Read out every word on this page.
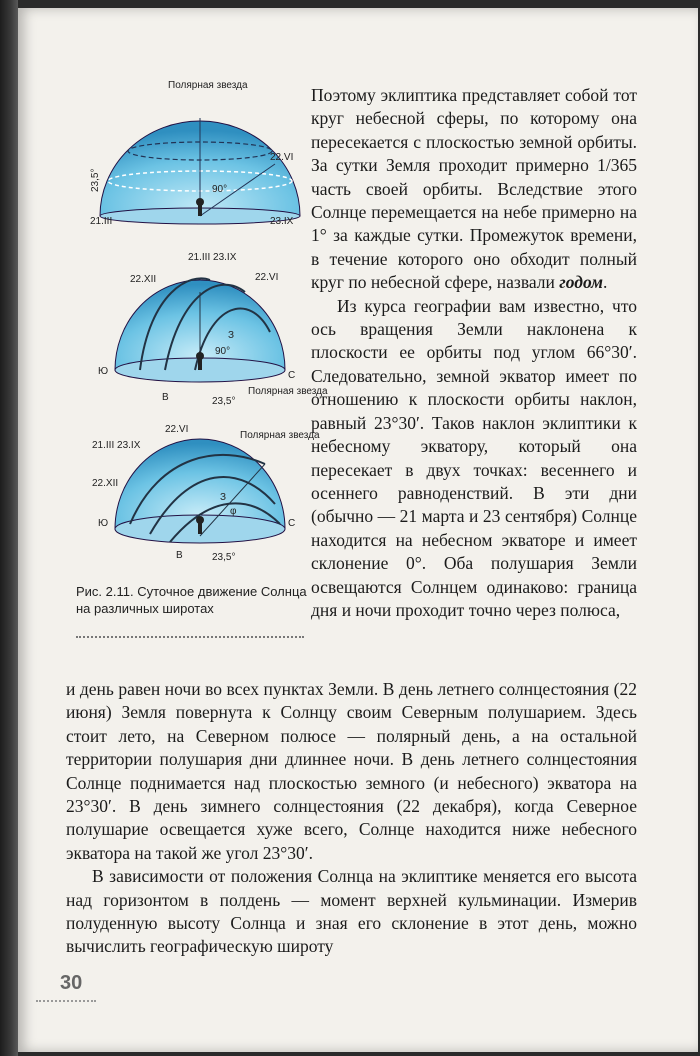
Полярная звезда
22.VI
23,5°	90°
21.III	23.IX
21.III 23.IX
22.XII	22.VI
З
90°
Ю	С
В	23,5°
Полярная звезда
22.VI
Полярная звезда
21.III 23.IX
22.XII
З
φ
Ю	С
В	23,5°
Рис. 2.11. Суточное движение Солнца на различных широтах

Поэтому эклиптика представляет собой тот круг небесной сферы, по которому она пересекается с плоскостью земной орбиты. За сутки Земля проходит примерно 1/365 часть своей орбиты. Вследствие этого Солнце перемещается на небе примерно на 1° за каждые сутки. Промежуток времени, в течение которого оно обходит полный круг по небесной сфере, назвали годом.

Из курса географии вам известно, что ось вращения Земли наклонена к плоскости ее орбиты под углом 66°30′. Следовательно, земной экватор имеет по отношению к плоскости орбиты наклон, равный 23°30′. Таков наклон эклиптики к небесному экватору, который она пересекает в двух точках: весеннего и осеннего равноденствий. В эти дни (обычно — 21 марта и 23 сентября) Солнце находится на небесном экваторе и имеет склонение 0°. Оба полушария Земли освещаются Солнцем одинаково: граница дня и ночи проходит точно через полюса,

и день равен ночи во всех пунктах Земли. В день летнего солнцестояния (22 июня) Земля повернута к Солнцу своим Северным полушарием. Здесь стоит лето, на Северном полюсе — полярный день, а на остальной территории полушария дни длиннее ночи. В день летнего солнцестояния Солнце поднимается над плоскостью земного (и небесного) экватора на 23°30′. В день зимнего солнцестояния (22 декабря), когда Северное полушарие освещается хуже всего, Солнце находится ниже небесного экватора на такой же угол 23°30′.

В зависимости от положения Солнца на эклиптике меняется его высота над горизонтом в полдень — момент верхней кульминации. Измерив полуденную высоту Солнца и зная его склонение в этот день, можно вычислить географическую широту

30
